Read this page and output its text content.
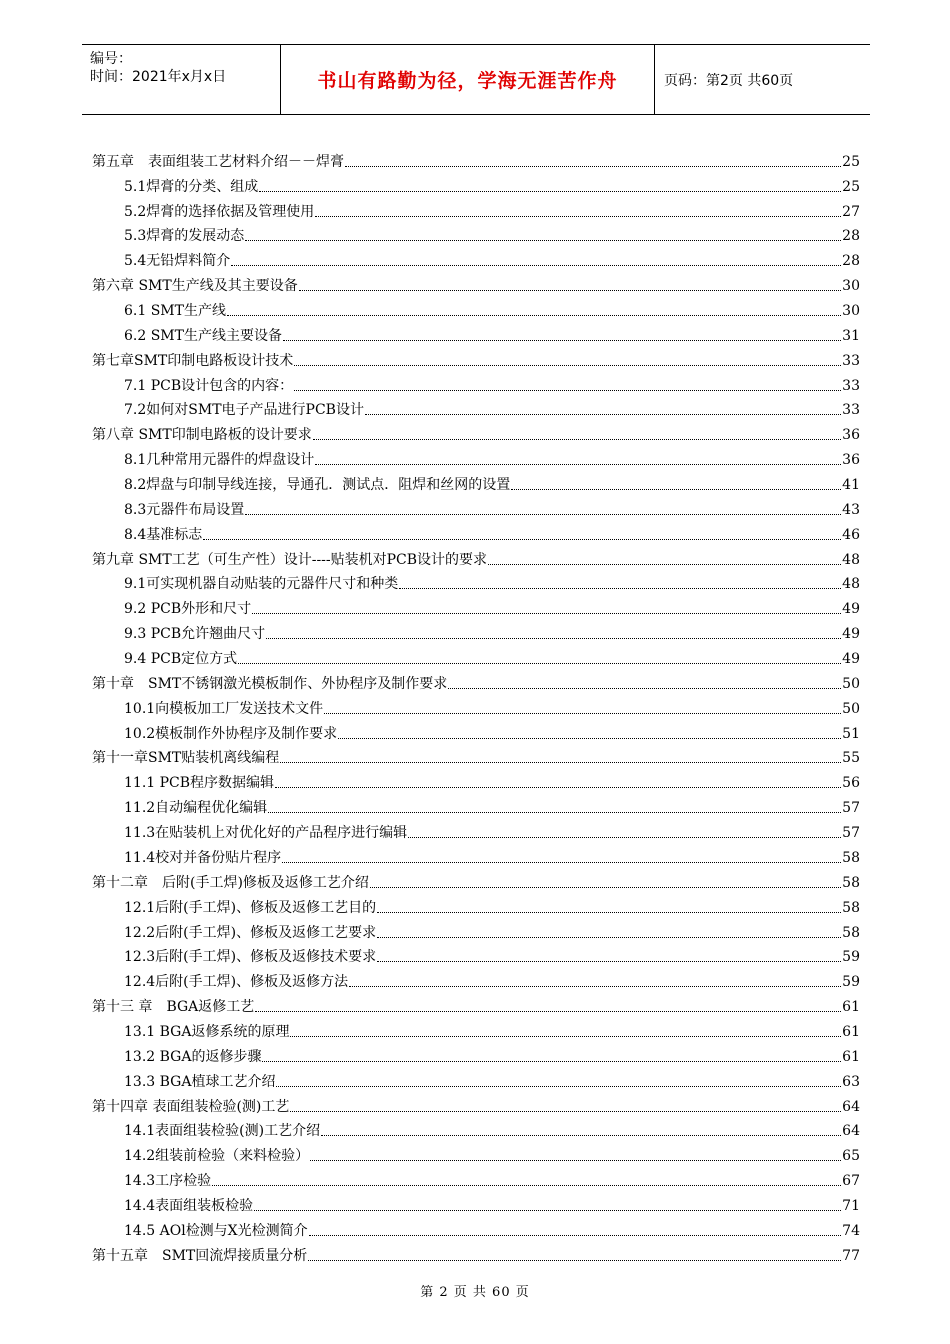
编号：
时间：2021年x月x日	书山有路勤为径，学海无涯苦作舟	页码：第2页 共60页
第五章　表面组装工艺材料介绍－－焊膏	25
5.1焊膏的分类、组成	25
5.2焊膏的选择依据及管理使用	27
5.3焊膏的发展动态	28
5.4无铅焊料简介	28
第六章 SMT生产线及其主要设备	30
6.1 SMT生产线	30
6.2 SMT生产线主要设备	31
第七章SMT印制电路板设计技术	33
7.1 PCB设计包含的内容：	33
7.2如何对SMT电子产品进行PCB设计	33
第八章 SMT印制电路板的设计要求	36
8.1几种常用元器件的焊盘设计	36
8.2焊盘与印制导线连接，导通孔．测试点．阻焊和丝网的设置	41
8.3元器件布局设置	43
8.4基准标志	46
第九章 SMT工艺（可生产性）设计----贴装机对PCB设计的要求	48
9.1可实现机器自动贴装的元器件尺寸和种类	48
9.2 PCB外形和尺寸	49
9.3 PCB允许翘曲尺寸	49
9.4 PCB定位方式	49
第十章　SMT不锈钢激光模板制作、外协程序及制作要求	50
10.1向模板加工厂发送技术文件	50
10.2模板制作外协程序及制作要求	51
第十一章SMT贴装机离线编程	55
11.1 PCB程序数据编辑	56
11.2自动编程优化编辑	57
11.3在贴装机上对优化好的产品程序进行编辑	57
11.4校对并备份贴片程序	58
第十二章　后附(手工焊)修板及返修工艺介绍	58
12.1后附(手工焊)、修板及返修工艺目的	58
12.2后附(手工焊)、修板及返修工艺要求	58
12.3后附(手工焊)、修板及返修技术要求	59
12.4后附(手工焊)、修板及返修方法	59
第十三 章　BGA返修工艺	61
13.1 BGA返修系统的原理	61
13.2 BGA的返修步骤	61
13.3 BGA植球工艺介绍	63
第十四章 表面组装检验(测)工艺	64
14.1表面组装检验(测)工艺介绍	64
14.2组装前检验（来料检验）	65
14.3工序检验	67
14.4表面组装板检验	71
14.5 AOl检测与X光检测简介	74
第十五章　SMT回流焊接质量分析	77
第 2 页 共 60 页
